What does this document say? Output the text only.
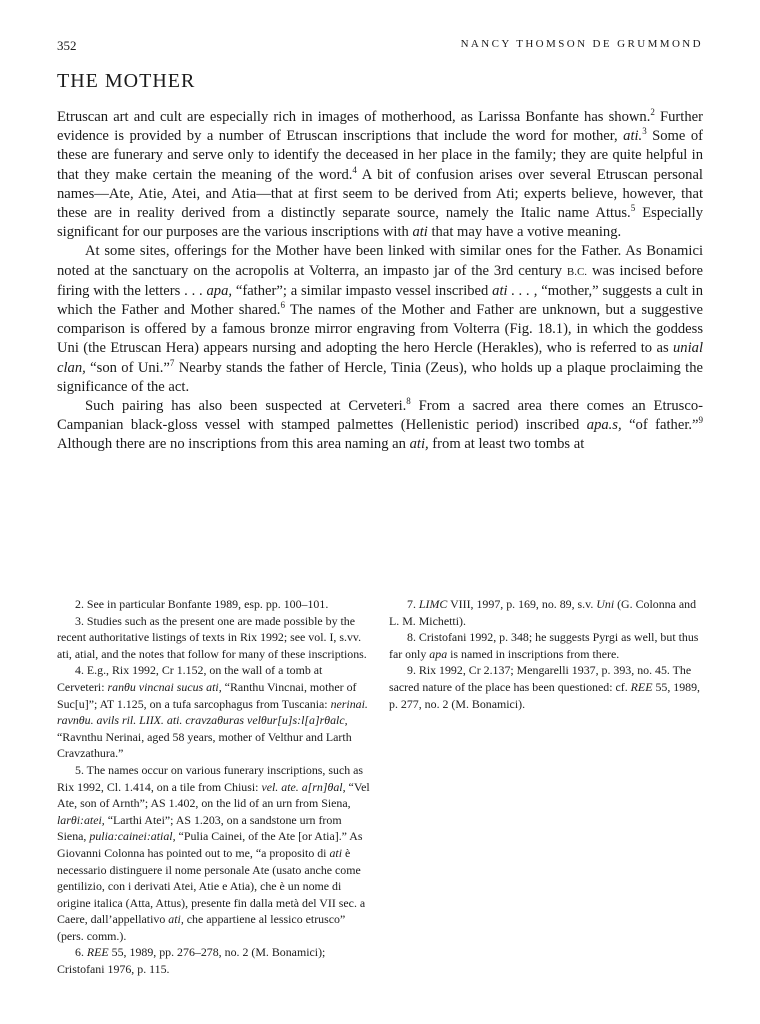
352	NANCY THOMSON DE GRUMMOND
THE MOTHER

Etruscan art and cult are especially rich in images of motherhood, as Larissa Bonfante has shown.$^2$ Further evidence is provided by a number of Etruscan inscriptions that include the word for mother, ati.$^3$ Some of these are funerary and serve only to identify the deceased in her place in the family; they are quite helpful in that they make certain the meaning of the word.$^4$ A bit of confusion arises over several Etruscan personal names—Ate, Atie, Atei, and Atia—that at first seem to be derived from Ati; experts believe, however, that these are in reality derived from a distinctly separate source, namely the Italic name Attus.$^5$ Especially significant for our purposes are the various inscriptions with ati that may have a votive meaning.

At some sites, offerings for the Mother have been linked with similar ones for the Father. As Bonamici noted at the sanctuary on the acropolis at Volterra, an impasto jar of the 3rd century B.C. was incised before firing with the letters . . . apa, “father”; a similar impasto vessel inscribed ati . . . , “mother,” suggests a cult in which the Father and Mother shared.$^6$ The names of the Mother and Father are unknown, but a suggestive comparison is offered by a famous bronze mirror engraving from Volterra (Fig. 18.1), in which the goddess Uni (the Etruscan Hera) appears nursing and adopting the hero Hercle (Herakles), who is referred to as unial clan, “son of Uni.”$^7$ Nearby stands the father of Hercle, Tinia (Zeus), who holds up a plaque proclaiming the significance of the act.

Such pairing has also been suspected at Cerveteri.$^8$ From a sacred area there comes an Etrusco-Campanian black-gloss vessel with stamped palmettes (Hellenistic period) inscribed apa.s, “of father.”$^9$ Although there are no inscriptions from this area naming an ati, from at least two tombs at

2. See in particular Bonfante 1989, esp. pp. 100–101.

3. Studies such as the present one are made possible by the recent authoritative listings of texts in Rix 1992; see vol. I, s.vv. ati, atial, and the notes that follow for many of these inscriptions.

4. E.g., Rix 1992, Cr 1.152, on the wall of a tomb at Cerveteri: ranθu vincnai sucus ati, “Ranthu Vincnai, mother of Suc[u]”; AT 1.125, on a tufa sarcophagus from Tuscania: nerinai. ravnθu. avils ril. LIIX. ati. cravzaθuras velθur[u]s:l[a]rθalc, “Ravnthu Nerinai, aged 58 years, mother of Velthur and Larth Cravzathura.”

5. The names occur on various funerary inscriptions, such as Rix 1992, Cl. 1.414, on a tile from Chiusi: vel. ate. a[rn]θal, “Vel Ate, son of Arnth”; AS 1.402, on the lid of an urn from Siena, larθi:atei, “Larthi Atei”; AS 1.203, on a sandstone urn from Siena, pulia:cainei:atial, “Pulia Cainei, of the Ate [or Atia].” As Giovanni Colonna has pointed out to me, “a proposito di ati è necessario distinguere il nome personale Ate (usato anche come gentilizio, con i derivati Atei, Atie e Atia), che è un nome di origine italica (Atta, Attus), presente fin dalla metà del VII sec. a Caere, dall’appellativo ati, che appartiene al lessico etrusco” (pers. comm.).

6. REE 55, 1989, pp. 276–278, no. 2 (M. Bonamici); Cristofani 1976, p. 115.

7. LIMC VIII, 1997, p. 169, no. 89, s.v. Uni (G. Colonna and L. M. Michetti).

8. Cristofani 1992, p. 348; he suggests Pyrgi as well, but thus far only apa is named in inscriptions from there.

9. Rix 1992, Cr 2.137; Mengarelli 1937, p. 393, no. 45. The sacred nature of the place has been questioned: cf. REE 55, 1989, p. 277, no. 2 (M. Bonamici).
